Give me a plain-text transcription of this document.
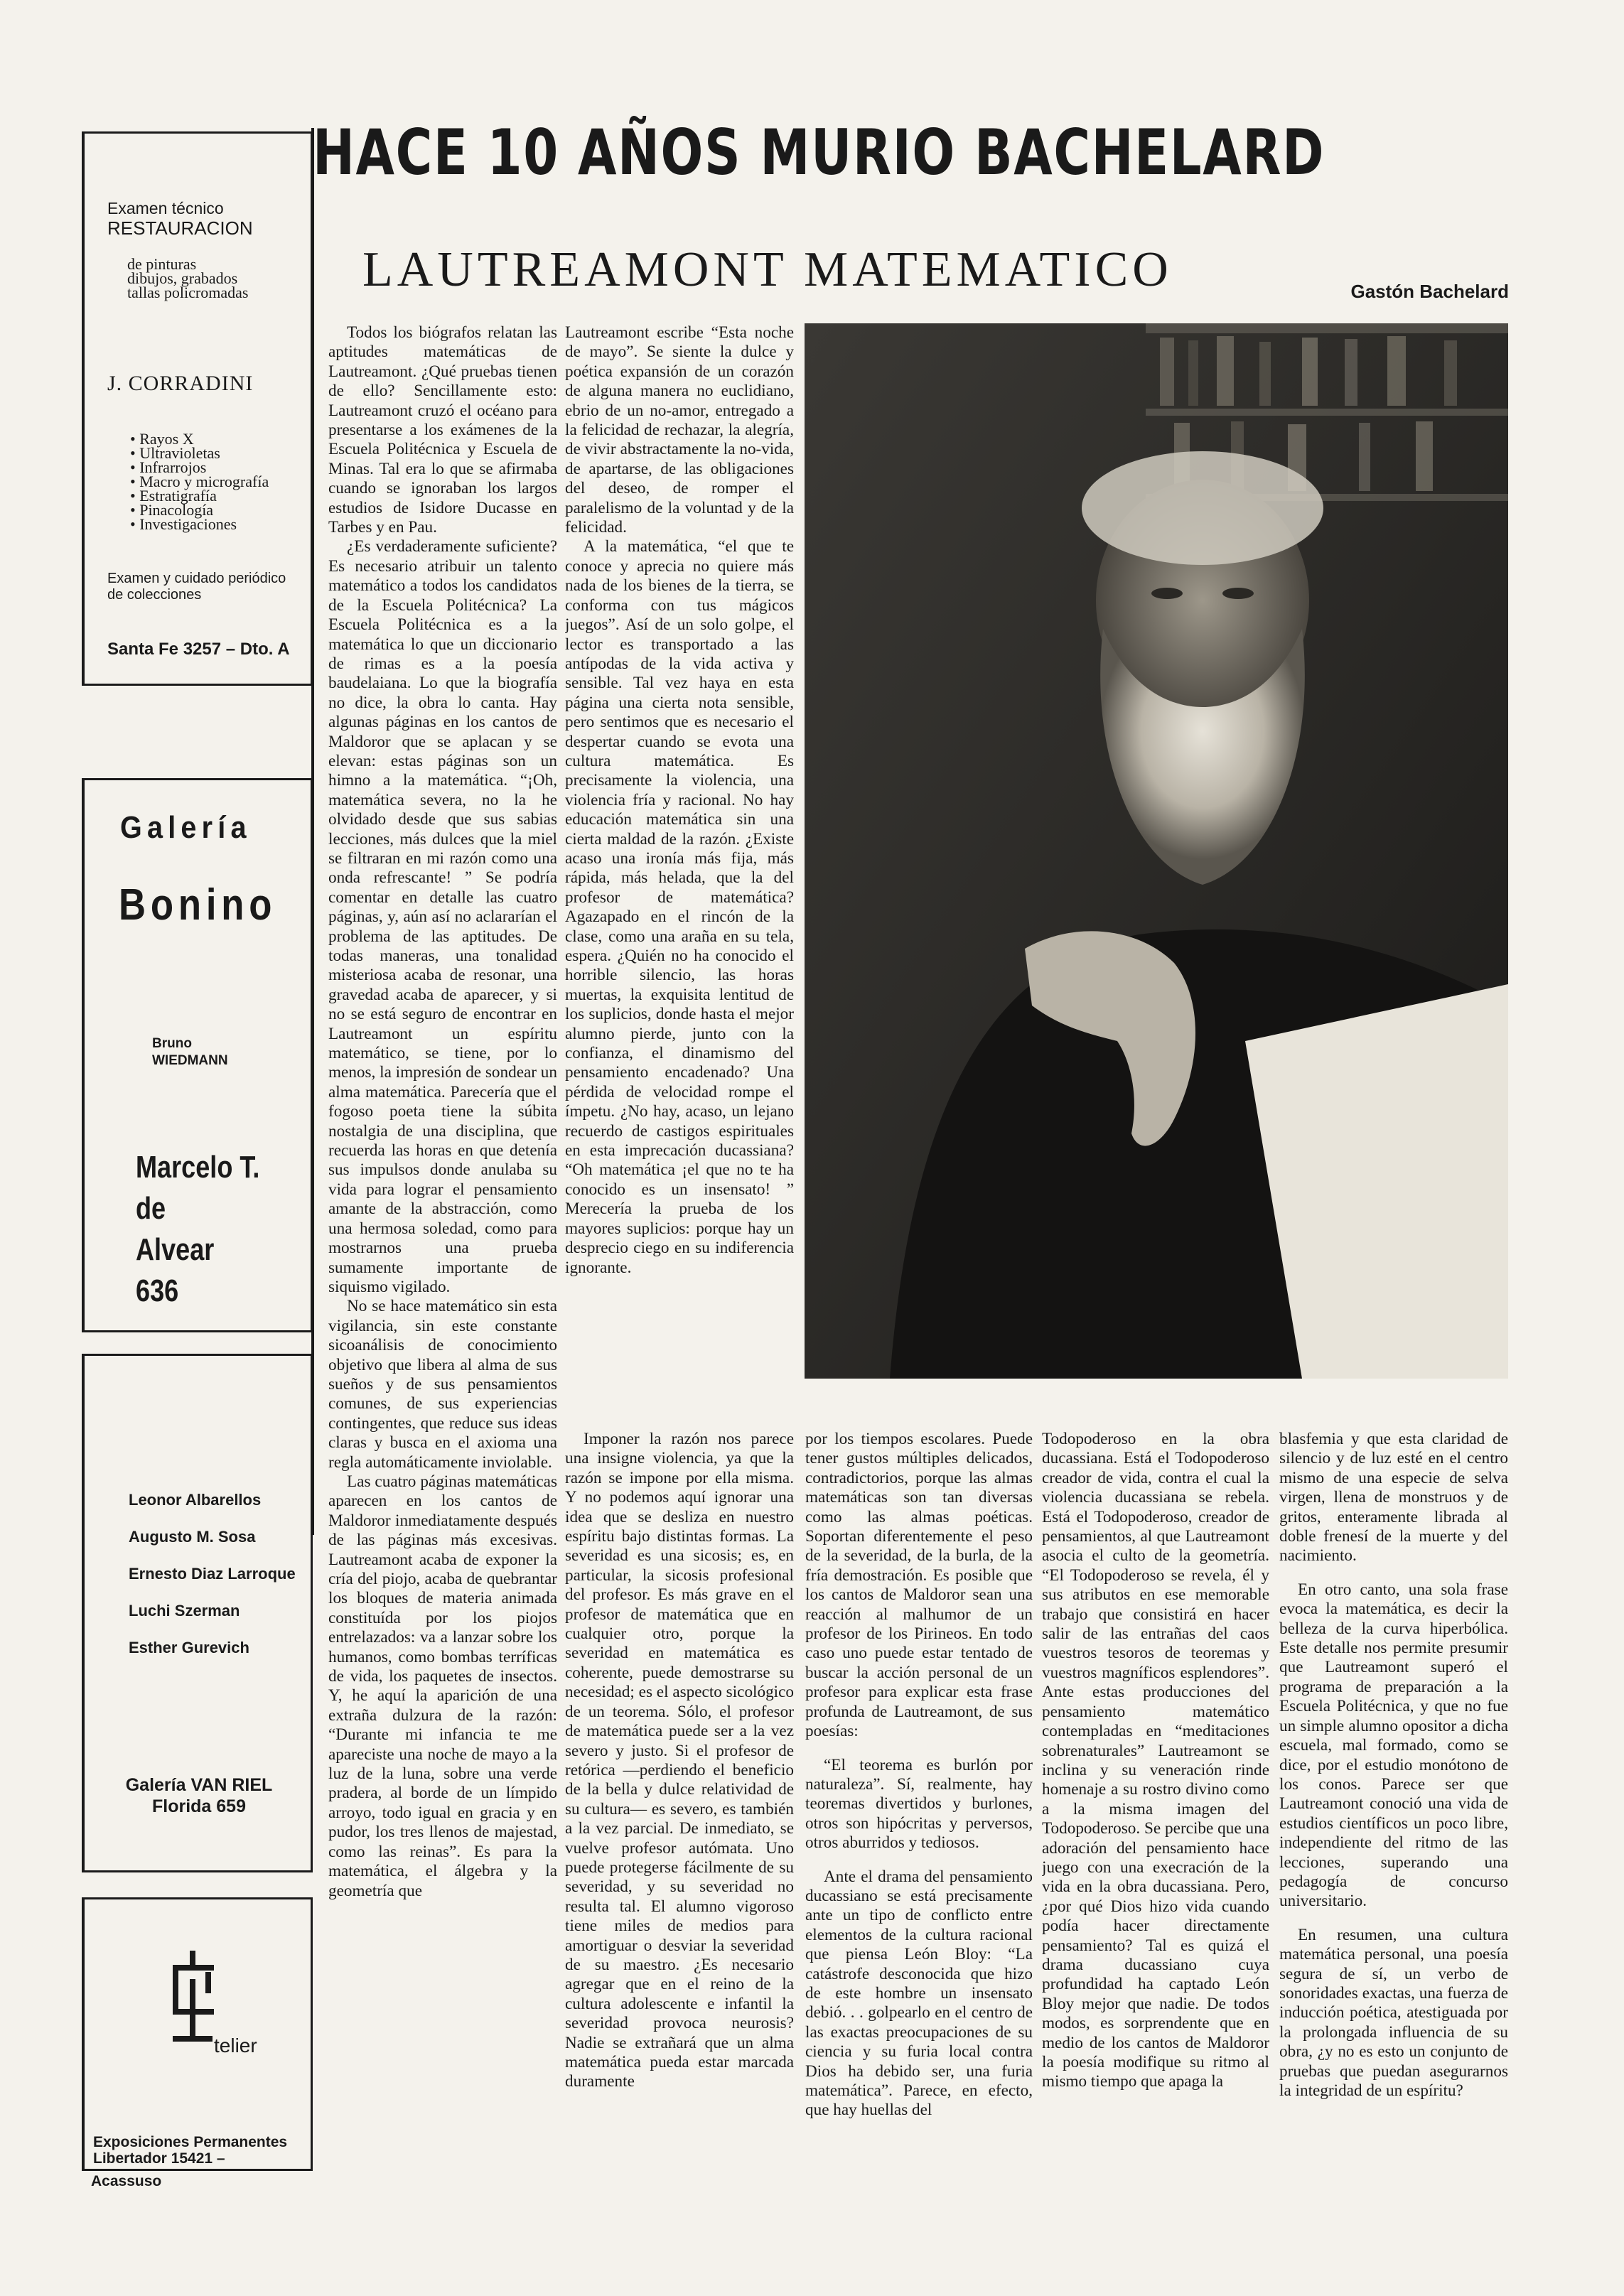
Examen técnico
RESTAURACION
de pinturas
dibujos, grabados
tallas policromadas
J. CORRADINI
• Rayos X
• Ultravioletas
• Infrarrojos
• Macro y micrografía
• Estratigrafía
• Pinacología
• Investigaciones
Examen y cuidado periódico
de colecciones
Santa Fe 3257 – Dto. A
Galería
Bonino
Bruno
WIEDMANN
Marcelo T.
de
Alvear
636
Leonor Albarellos
Augusto M. Sosa
Ernesto Diaz Larroque
Luchi Szerman
Esther Gurevich
Galería VAN RIEL
Florida 659
telier
Exposiciones Permanentes
Libertador 15421 –
Acassuso
HACE 10 AÑOS MURIO BACHELARD
LAUTREAMONT MATEMATICO	Gastón Bachelard

Todos los biógrafos relatan las aptitudes matemáticas de Lautreamont. ¿Qué pruebas tienen de ello? Sencillamente esto: Lautreamont cruzó el océano para presentarse a los exámenes de la Escuela Politécnica y Escuela de Minas. Tal era lo que se afirmaba cuando se ignoraban los largos estudios de Isidore Ducasse en Tarbes y en Pau.

¿Es verdaderamente suficiente? Es necesario atribuir un talento matemático a todos los candidatos de la Escuela Politécnica? La Escuela Politécnica es a la matemática lo que un diccionario de rimas es a la poesía baudelaiana. Lo que la biografía no dice, la obra lo canta. Hay algunas páginas en los cantos de Maldoror que se aplacan y se elevan: estas páginas son un himno a la matemática. “¡Oh, matemática severa, no la he olvidado desde que sus sabias lecciones, más dulces que la miel se filtraran en mi razón como una onda refrescante! ” Se podría comentar en detalle las cuatro páginas, y, aún así no aclararían el problema de las aptitudes. De todas maneras, una tonalidad misteriosa acaba de resonar, una gravedad acaba de aparecer, y si no se está seguro de encontrar en Lautreamont un espíritu matemático, se tiene, por lo menos, la impresión de sondear un alma matemática. Parecería que el fogoso poeta tiene la súbita nostalgia de una disciplina, que recuerda las horas en que detenía sus impulsos donde anulaba su vida para lograr el pensamiento amante de la abstracción, como una hermosa soledad, como para mostrarnos una prueba sumamente importante de siquismo vigilado.

No se hace matemático sin esta vigilancia, sin este constante sicoanálisis de conocimiento objetivo que libera al alma de sus sueños y de sus pensamientos comunes, de sus experiencias contingentes, que reduce sus ideas claras y busca en el axioma una regla automáticamente inviolable.

Las cuatro páginas matemáticas aparecen en los cantos de Maldoror inmediatamente después de las páginas más excesivas. Lautreamont acaba de exponer la cría del piojo, acaba de quebrantar los bloques de materia animada constituída por los piojos entrelazados: va a lanzar sobre los humanos, como bombas terríficas de vida, los paquetes de insectos. Y, he aquí la aparición de una extraña dulzura de la razón: “Durante mi infancia te me apareciste una noche de mayo a la luz de la luna, sobre una verde pradera, al borde de un límpido arroyo, todo igual en gracia y en pudor, los tres llenos de majestad, como las reinas”. Es para la matemática, el álgebra y la geometría que

Lautreamont escribe “Esta noche de mayo”. Se siente la dulce y poética expansión de un corazón de alguna manera no euclidiano, ebrio de un no-amor, entregado a la felicidad de rechazar, la alegría, de vivir abstractamente la no-vida, de apartarse, de las obligaciones del deseo, de romper el paralelismo de la voluntad y de la felicidad.

A la matemática, “el que te conoce y aprecia no quiere más nada de los bienes de la tierra, se conforma con tus mágicos juegos”. Así de un solo golpe, el lector es transportado a las antípodas de la vida activa y sensible. Tal vez haya en esta página una cierta nota sensible, pero sentimos que es necesario el despertar cuando se evota una cultura matemática. Es precisamente la violencia, una violencia fría y racional. No hay educación matemática sin una cierta maldad de la razón. ¿Existe acaso una ironía más fija, más rápida, más helada, que la del profesor de matemática? Agazapado en el rincón de la clase, como una araña en su tela, espera. ¿Quién no ha conocido el horrible silencio, las horas muertas, la exquisita lentitud de los suplicios, donde hasta el mejor alumno pierde, junto con la confianza, el dinamismo del pensamiento encadenado? Una pérdida de velocidad rompe el ímpetu. ¿No hay, acaso, un lejano recuerdo de castigos espirituales en esta imprecación ducassiana? “Oh matemática ¡el que no te ha conocido es un insensato! ” Merecería la prueba de los mayores suplicios: porque hay un desprecio ciego en su indiferencia ignorante.

Imponer la razón nos parece una insigne violencia, ya que la razón se impone por ella misma. Y no podemos aquí ignorar una idea que se desliza en nuestro espíritu bajo distintas formas. La severidad es una sicosis; es, en particular, la sicosis profesional del profesor. Es más grave en el profesor de matemática que en cualquier otro, porque la severidad en matemática es coherente, puede demostrarse su necesidad; es el aspecto sicológico de un teorema. Sólo, el profesor de matemática puede ser a la vez severo y justo. Si el profesor de retórica —perdiendo el beneficio de la bella y dulce relatividad de su cultura— es severo, es también a la vez parcial. De inmediato, se vuelve profesor autómata. Uno puede protegerse fácilmente de su severidad, y su severidad no resulta tal. El alumno vigoroso tiene miles de medios para amortiguar o desviar la severidad de su maestro. ¿Es necesario agregar que en el reino de la cultura adolescente e infantil la severidad provoca neurosis? Nadie se extrañará que un alma matemática pueda estar marcada duramente

por los tiempos escolares. Puede tener gustos múltiples delicados, contradictorios, porque las almas matemáticas son tan diversas como las almas poéticas. Soportan diferentemente el peso de la severidad, de la burla, de la fría demostración. Es posible que los cantos de Maldoror sean una reacción al malhumor de un profesor de los Pirineos. En todo caso uno puede estar tentado de buscar la acción personal de un profesor para explicar esta frase profunda de Lautreamont, de sus poesías:

“El teorema es burlón por naturaleza”. Sí, realmente, hay teoremas divertidos y burlones, otros son hipócritas y perversos, otros aburridos y tediosos.

Ante el drama del pensamiento ducassiano se está precisamente ante un tipo de conflicto entre elementos de la cultura racional que piensa León Bloy: “La catástrofe desconocida que hizo de este hombre un insensato debió. . . golpearlo en el centro de las exactas preocupaciones de su ciencia y su furia local contra Dios ha debido ser, una furia matemática”. Parece, en efecto, que hay huellas del

Todopoderoso en la obra ducassiana. Está el Todopoderoso creador de vida, contra el cual la violencia ducassiana se rebela. Está el Todopoderoso, creador de pensamientos, al que Lautreamont asocia el culto de la geometría. “El Todopoderoso se revela, él y sus atributos en ese memorable trabajo que consistirá en hacer salir de las entrañas del caos vuestros tesoros de teoremas y vuestros magníficos esplendores”. Ante estas producciones del pensamiento matemático contempladas en “meditaciones sobrenaturales” Lautreamont se inclina y su veneración rinde homenaje a su rostro divino como a la misma imagen del Todopoderoso. Se percibe que una adoración del pensamiento hace juego con una execración de la vida en la obra ducassiana. Pero, ¿por qué Dios hizo vida cuando podía hacer directamente pensamiento? Tal es quizá el drama ducassiano cuya profundidad ha captado León Bloy mejor que nadie. De todos modos, es sorprendente que en medio de los cantos de Maldoror la poesía modifique su ritmo al mismo tiempo que apaga la

blasfemia y que esta claridad de silencio y de luz esté en el centro mismo de una especie de selva virgen, llena de monstruos y de gritos, enteramente librada al doble frenesí de la muerte y del nacimiento.

En otro canto, una sola frase evoca la matemática, es decir la belleza de la curva hiperbólica. Este detalle nos permite presumir que Lautreamont superó el programa de preparación a la Escuela Politécnica, y que no fue un simple alumno opositor a dicha escuela, mal formado, como se dice, por el estudio monótono de los conos. Parece ser que Lautreamont conoció una vida de estudios científicos un poco libre, independiente del ritmo de las lecciones, superando una pedagogía de concurso universitario.

En resumen, una cultura matemática personal, una poesía segura de sí, un verbo de sonoridades exactas, una fuerza de inducción poética, atestiguada por la prolongada influencia de su obra, ¿y no es esto un conjunto de pruebas que puedan asegurarnos la integridad de un espíritu?
